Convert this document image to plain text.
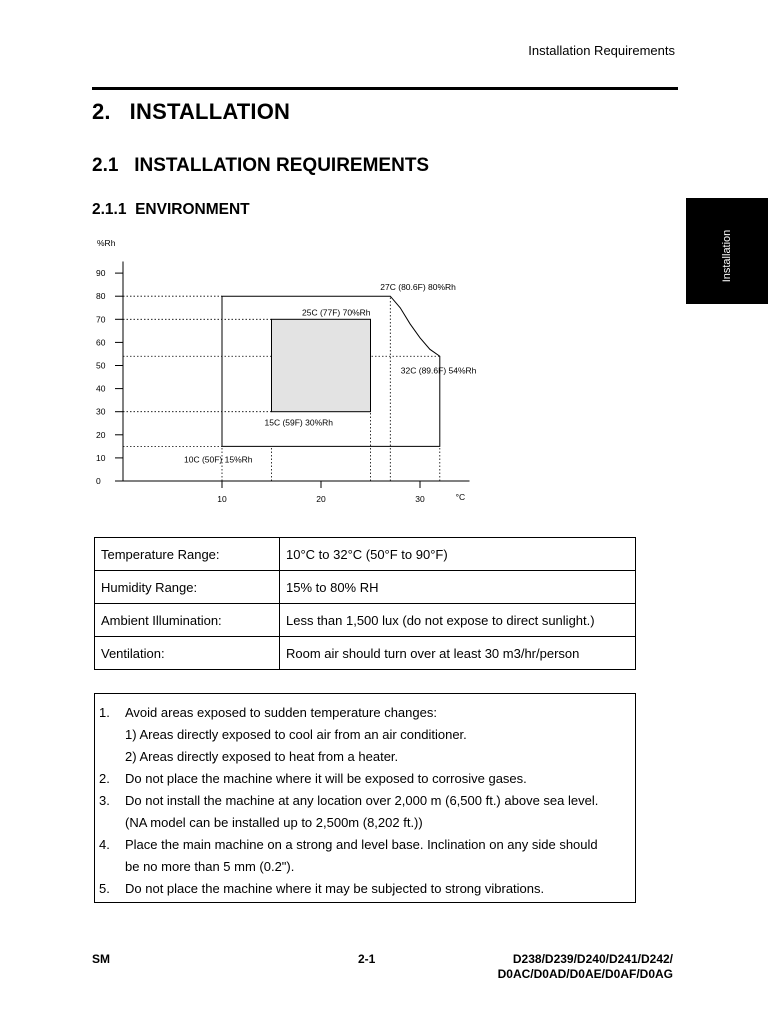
Installation Requirements
2.   INSTALLATION
2.1   INSTALLATION REQUIREMENTS
2.1.1  ENVIRONMENT
Installation
%Rh
0
10
20
30
40
50
60
70
80
90
10	20	30	°C
27C (80.6F) 80%Rh
25C (77F) 70%Rh
32C (89.6F) 54%Rh
15C (59F) 30%Rh
10C (50F) 15%Rh
Temperature Range:	10°C to 32°C (50°F to 90°F)
Humidity Range:	15% to 80% RH
Ambient Illumination:	Less than 1,500 lux (do not expose to direct sunlight.)
Ventilation:	Room air should turn over at least 30 m3/hr/person
1. Avoid areas exposed to sudden temperature changes:
1) Areas directly exposed to cool air from an air conditioner.
2) Areas directly exposed to heat from a heater.
2. Do not place the machine where it will be exposed to corrosive gases.
3. Do not install the machine at any location over 2,000 m (6,500 ft.) above sea level.
(NA model can be installed up to 2,500m (8,202 ft.))
4. Place the main machine on a strong and level base. Inclination on any side should
be no more than 5 mm (0.2").
5. Do not place the machine where it may be subjected to strong vibrations.
SM	2-1	D238/D239/D240/D241/D242/
D0AC/D0AD/D0AE/D0AF/D0AG
